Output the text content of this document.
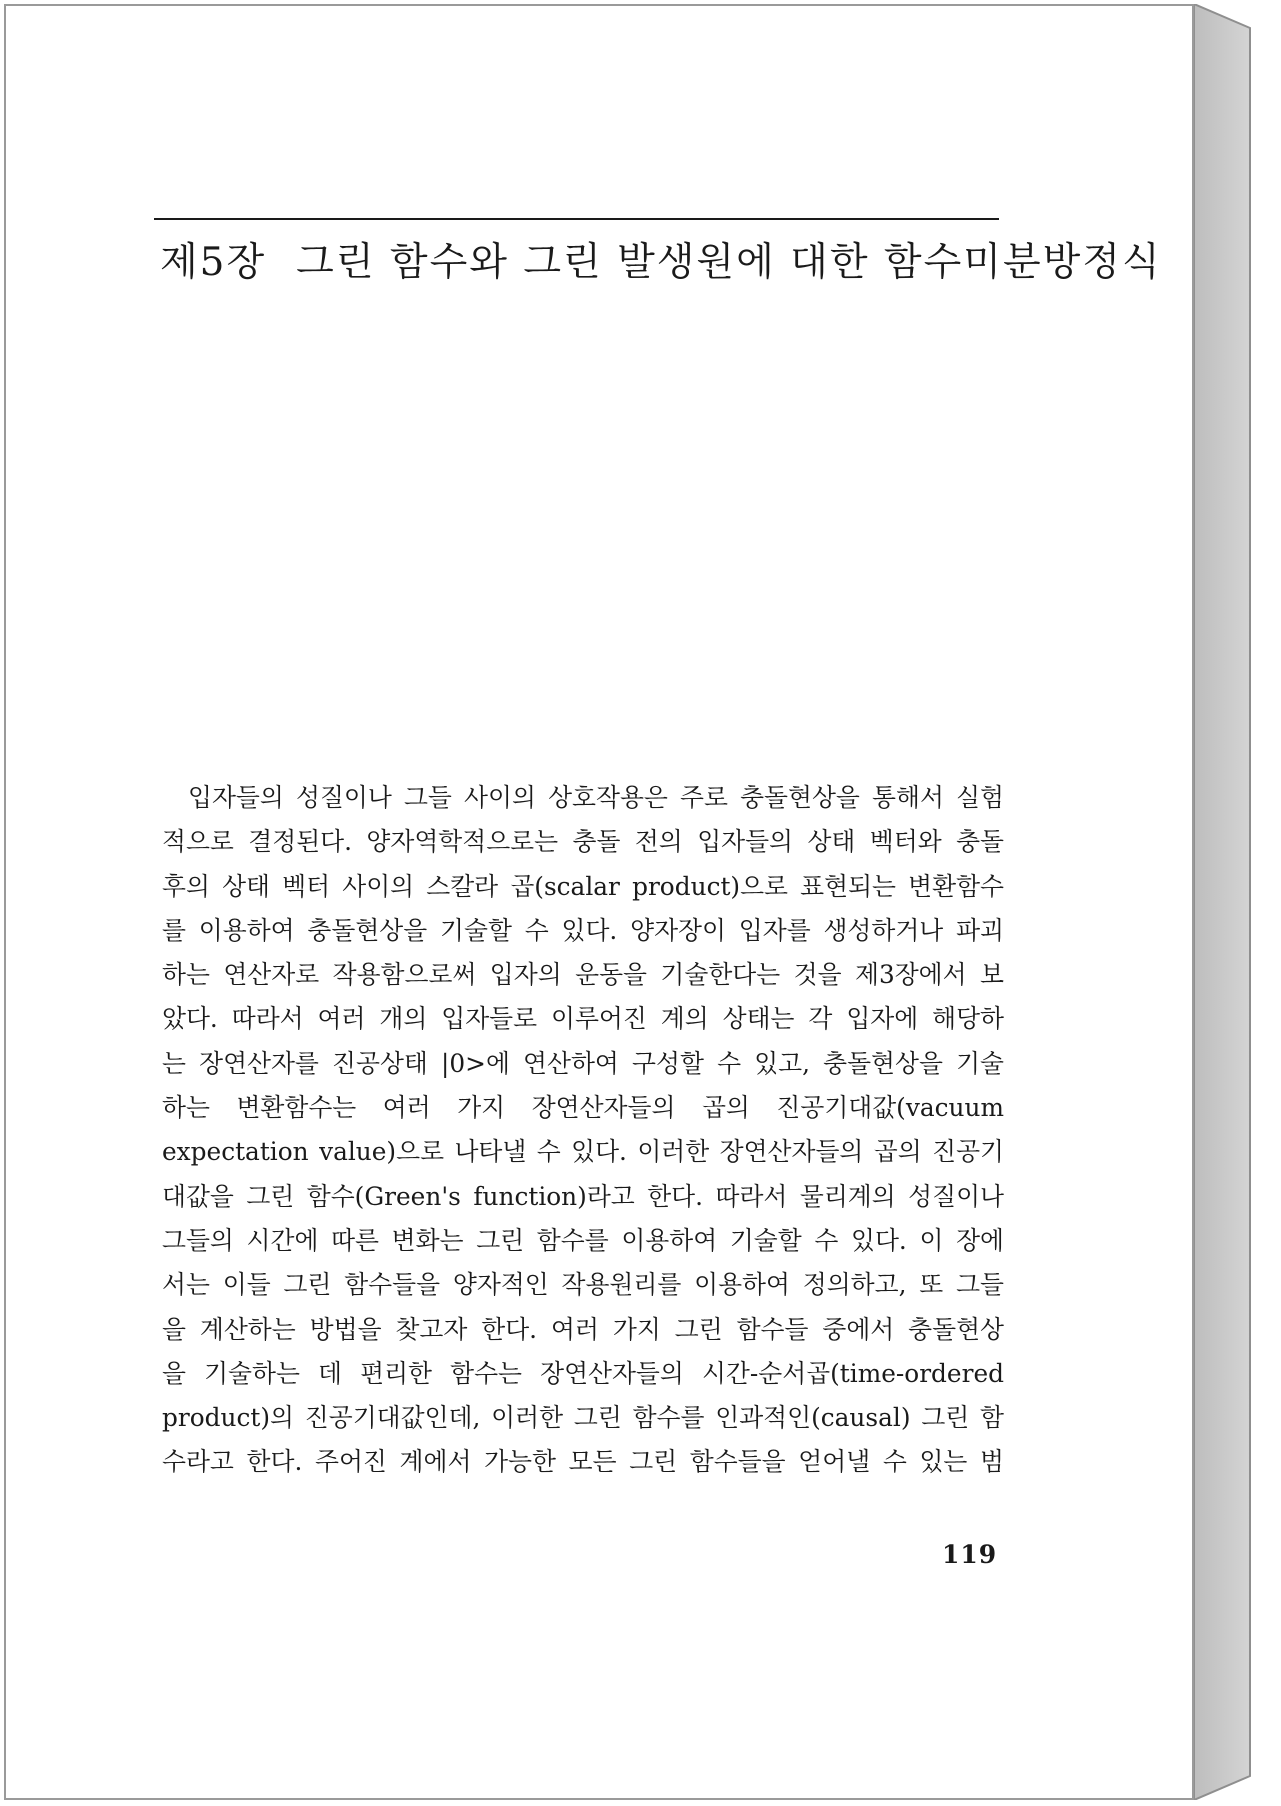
제5장 그린 함수와 그린 발생원에 대한 함수미분방정식
입자들의 성질이나 그들 사이의 상호작용은 주로 충돌현상을 통해서 실험
적으로 결정된다. 양자역학적으로는 충돌 전의 입자들의 상태 벡터와 충돌
후의 상태 벡터 사이의 스칼라 곱(scalar product)으로 표현되는 변환함수
를 이용하여 충돌현상을 기술할 수 있다. 양자장이 입자를 생성하거나 파괴
하는 연산자로 작용함으로써 입자의 운동을 기술한다는 것을 제3장에서 보
았다. 따라서 여러 개의 입자들로 이루어진 계의 상태는 각 입자에 해당하
는 장연산자를 진공상태 |0>에 연산하여 구성할 수 있고, 충돌현상을 기술
하는 변환함수는 여러 가지 장연산자들의 곱의 진공기대값(vacuum
expectation value)으로 나타낼 수 있다. 이러한 장연산자들의 곱의 진공기
대값을 그린 함수(Green's function)라고 한다. 따라서 물리계의 성질이나
그들의 시간에 따른 변화는 그린 함수를 이용하여 기술할 수 있다. 이 장에
서는 이들 그린 함수들을 양자적인 작용원리를 이용하여 정의하고, 또 그들
을 계산하는 방법을 찾고자 한다. 여러 가지 그린 함수들 중에서 충돌현상
을 기술하는 데 편리한 함수는 장연산자들의 시간-순서곱(time-ordered
product)의 진공기대값인데, 이러한 그린 함수를 인과적인(causal) 그린 함
수라고 한다. 주어진 계에서 가능한 모든 그린 함수들을 얻어낼 수 있는 범
119
